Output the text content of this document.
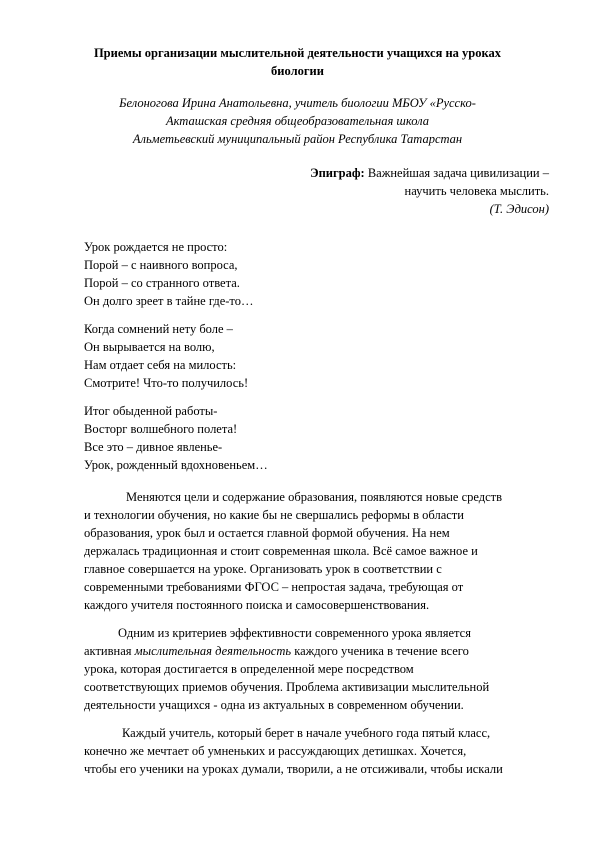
Приемы организации мыслительной деятельности учащихся на уроках
биологии
Белоногова Ирина Анатольевна, учитель биологии МБОУ «Русско-
Акташская средняя общеобразовательная школа
Альметьевский муниципальный район Республика Татарстан
Эпиграф: Важнейшая задача цивилизации –
научить человека мыслить.
(Т. Эдисон)
Урок рождается не просто:
Порой – с наивного вопроса,
Порой – со странного ответа.
Он долго зреет в тайне где-то…
Когда сомнений нету боле –
Он вырывается на волю,
Нам отдает себя на милость:
Смотрите! Что-то получилось!
Итог обыденной работы-
Восторг волшебного полета!
Все это – дивное явленье-
Урок, рожденный вдохновеньем…
Меняются цели и содержание образования, появляются новые средств
и технологии обучения, но какие бы не свершались реформы в области
образования, урок был и остается главной формой обучения. На нем
держалась традиционная и стоит современная школа. Всё самое важное и
главное совершается на уроке. Организовать урок в соответствии с
современными требованиями ФГОС – непростая задача, требующая от
каждого учителя постоянного поиска и самосовершенствования.
Одним из критериев эффективности современного урока является
активная мыслительная деятельность каждого ученика в течение всего
урока, которая достигается в определенной мере посредством
соответствующих приемов обучения. Проблема активизации мыслительной
деятельности учащихся - одна из актуальных в современном обучении.
Каждый учитель, который берет в начале учебного года пятый класс,
конечно же мечтает об умненьких и рассуждающих детишках. Хочется,
чтобы его ученики на уроках думали, творили, а не отсиживали, чтобы искали
